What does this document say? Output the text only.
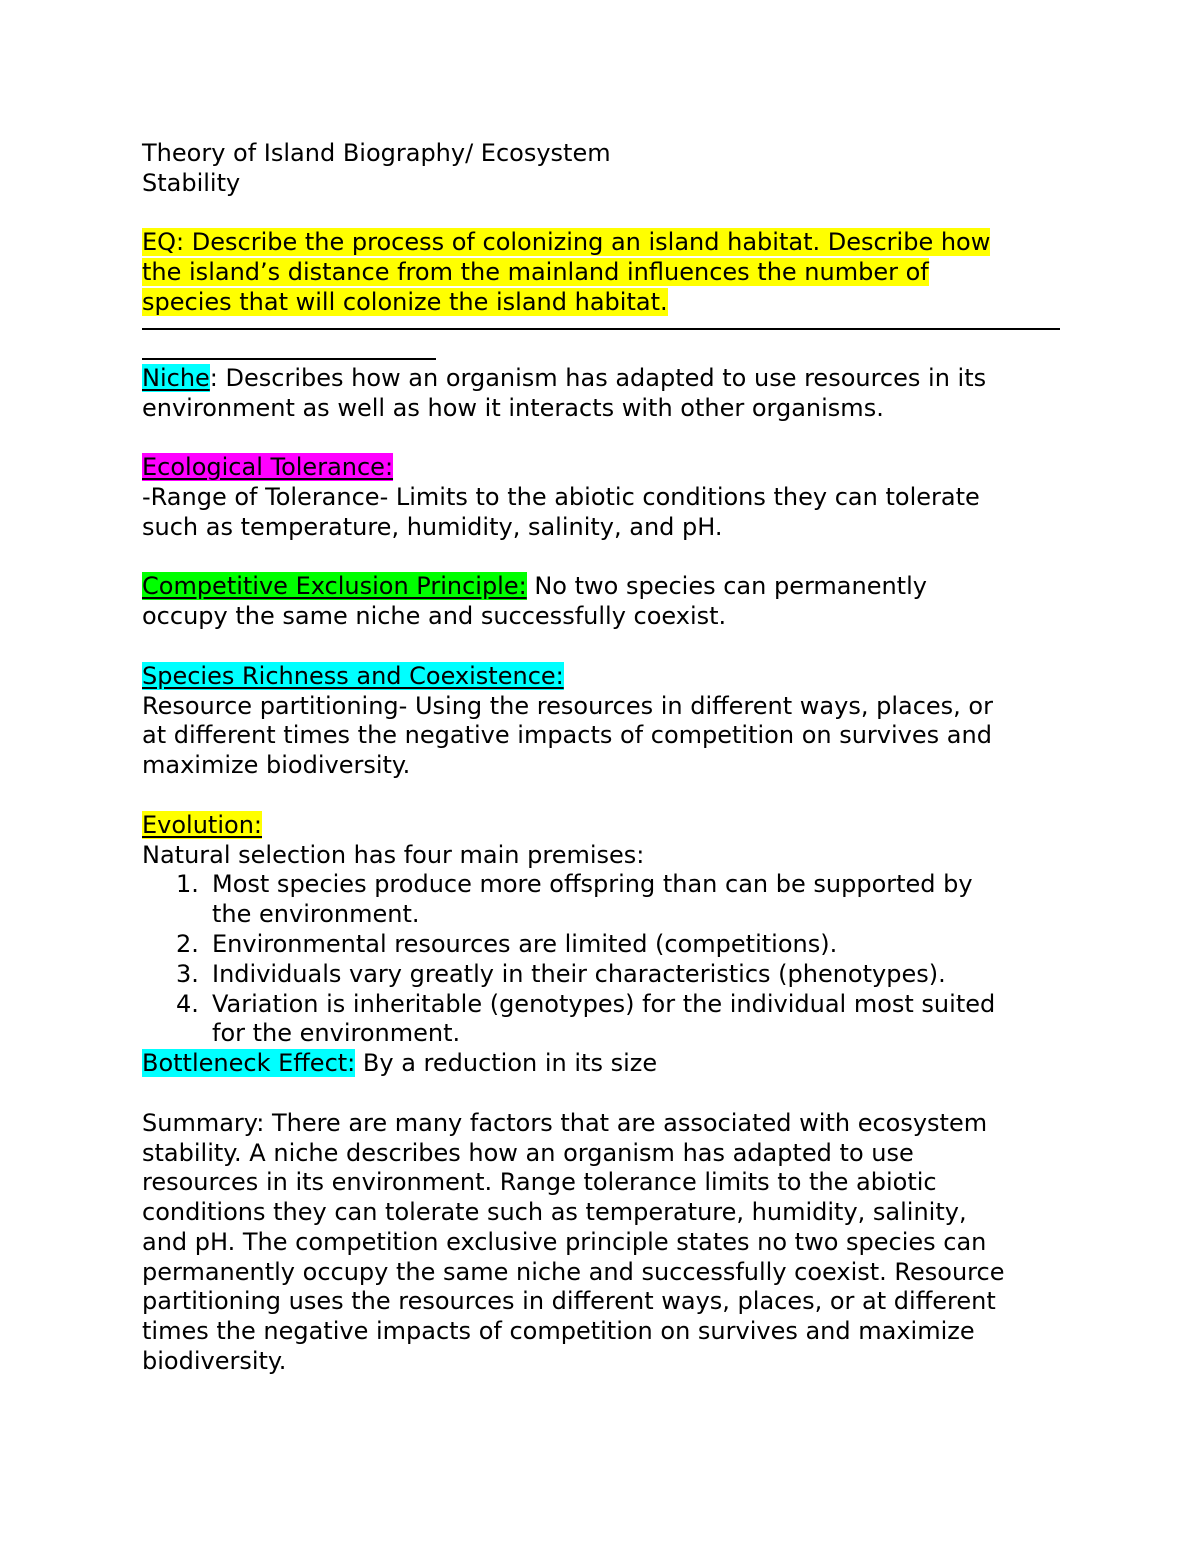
Theory of Island Biography/ Ecosystem
Stability
EQ: Describe the process of colonizing an island habitat. Describe how
the island’s distance from the mainland influences the number of
species that will colonize the island habitat.
Niche: Describes how an organism has adapted to use resources in its
environment as well as how it interacts with other organisms.
Ecological Tolerance:
-Range of Tolerance- Limits to the abiotic conditions they can tolerate
such as temperature, humidity, salinity, and pH.
Competitive Exclusion Principle: No two species can permanently
occupy the same niche and successfully coexist.
Species Richness and Coexistence:
Resource partitioning- Using the resources in different ways, places, or
at different times the negative impacts of competition on survives and
maximize biodiversity.
Evolution:
Natural selection has four main premises:
1. Most species produce more offspring than can be supported by
the environment.
2. Environmental resources are limited (competitions).
3. Individuals vary greatly in their characteristics (phenotypes).
4. Variation is inheritable (genotypes) for the individual most suited
for the environment.
Bottleneck Effect: By a reduction in its size
Summary: There are many factors that are associated with ecosystem
stability. A niche describes how an organism has adapted to use
resources in its environment. Range tolerance limits to the abiotic
conditions they can tolerate such as temperature, humidity, salinity,
and pH. The competition exclusive principle states no two species can
permanently occupy the same niche and successfully coexist. Resource
partitioning uses the resources in different ways, places, or at different
times the negative impacts of competition on survives and maximize
biodiversity.
